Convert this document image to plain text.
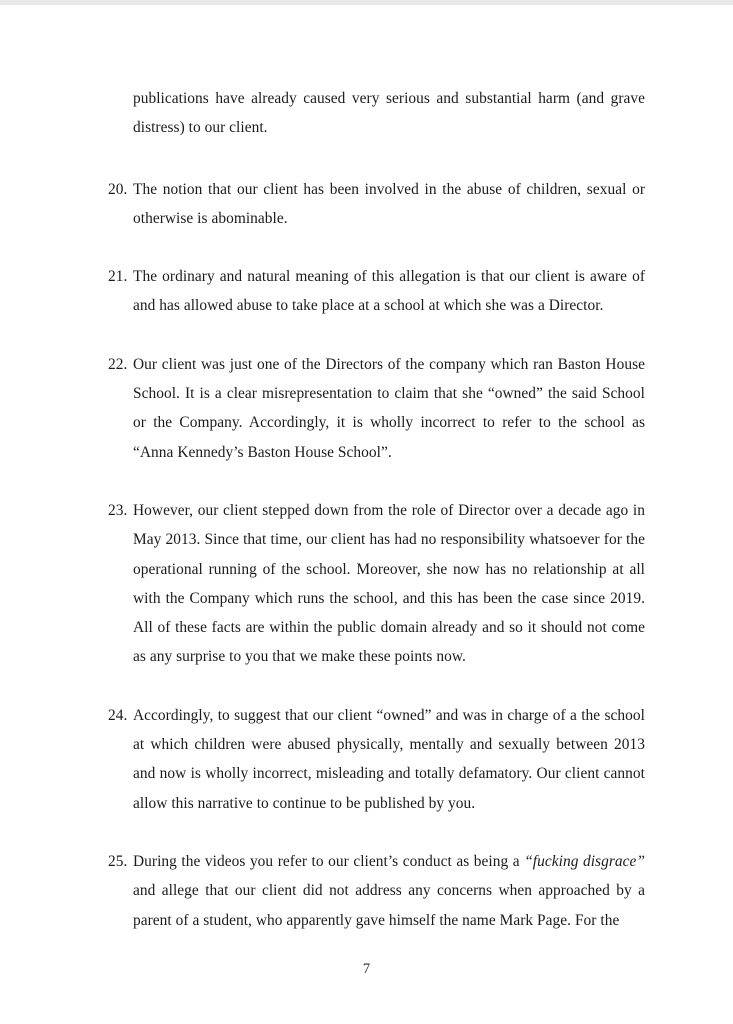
publications have already caused very serious and substantial harm (and grave distress) to our client.
20. The notion that our client has been involved in the abuse of children, sexual or otherwise is abominable.
21. The ordinary and natural meaning of this allegation is that our client is aware of and has allowed abuse to take place at a school at which she was a Director.
22. Our client was just one of the Directors of the company which ran Baston House School. It is a clear misrepresentation to claim that she “owned” the said School or the Company. Accordingly, it is wholly incorrect to refer to the school as “Anna Kennedy’s Baston House School”.
23. However, our client stepped down from the role of Director over a decade ago in May 2013. Since that time, our client has had no responsibility whatsoever for the operational running of the school. Moreover, she now has no relationship at all with the Company which runs the school, and this has been the case since 2019. All of these facts are within the public domain already and so it should not come as any surprise to you that we make these points now.
24. Accordingly, to suggest that our client “owned” and was in charge of a the school at which children were abused physically, mentally and sexually between 2013 and now is wholly incorrect, misleading and totally defamatory. Our client cannot allow this narrative to continue to be published by you.
25. During the videos you refer to our client’s conduct as being a “fucking disgrace” and allege that our client did not address any concerns when approached by a parent of a student, who apparently gave himself the name Mark Page. For the
7
